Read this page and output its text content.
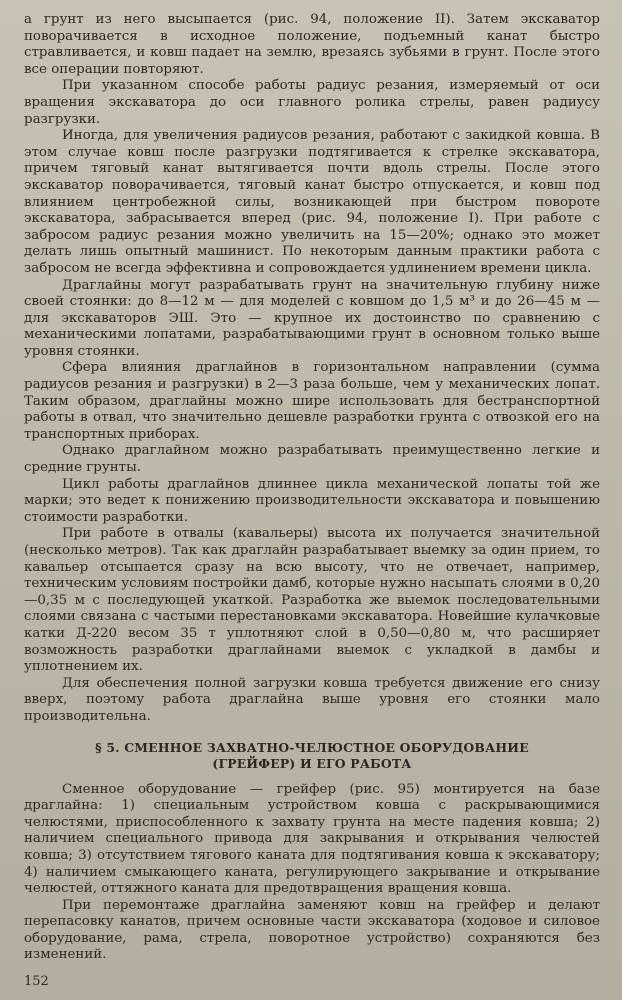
а грунт из него высыпается (рис. 94, положение II). Затем экскаватор поворачивается в исходное положение, подъемный канат быстро стравливается, и ковш падает на землю, врезаясь зубьями в грунт. После этого все операции повторяют.

При указанном способе работы радиус резания, измеряемый от оси вращения экскаватора до оси главного ролика стрелы, равен радиусу разгрузки.

Иногда, для увеличения радиусов резания, работают с закидкой ковша. В этом случае ковш после разгрузки подтягивается к стрелке экскаватора, причем тяговый канат вытягивается почти вдоль стрелы. После этого экскаватор поворачивается, тяговый канат быстро отпускается, и ковш под влиянием центробежной силы, возникающей при быстром повороте экскаватора, забрасывается вперед (рис. 94, положение I). При работе с забросом радиус резания можно увеличить на 15—20%; однако это может делать лишь опытный машинист. По некоторым данным практики работа с забросом не всегда эффективна и сопровождается удлинением времени цикла.

Драглайны могут разрабатывать грунт на значительную глубину ниже своей стоянки: до 8—12 м — для моделей с ковшом до 1,5 м³ и до 26—45 м — для экскаваторов ЭШ. Это — крупное их достоинство по сравнению с механическими лопатами, разрабатывающими грунт в основном только выше уровня стоянки.

Сфера влияния драглайнов в горизонтальном направлении (сумма радиусов резания и разгрузки) в 2—3 раза больше, чем у механических лопат. Таким образом, драглайны можно шире использовать для бестранспортной работы в отвал, что значительно дешевле разработки грунта с отвозкой его на транспортных приборах.

Однако драглайном можно разрабатывать преимущественно легкие и средние грунты.

Цикл работы драглайнов длиннее цикла механической лопаты той же марки; это ведет к понижению производительности экскаватора и повышению стоимости разработки.

При работе в отвалы (кавальеры) высота их получается значительной (несколько метров). Так как драглайн разрабатывает выемку за один прием, то кавальер отсыпается сразу на всю высоту, что не отвечает, например, техническим условиям постройки дамб, которые нужно насыпать слоями в 0,20—0,35 м с последующей укаткой. Разработка же выемок последовательными слоями связана с частыми перестановками экскаватора. Новейшие кулачковые катки Д-220 весом 35 т уплотняют слой в 0,50—0,80 м, что расширяет возможность разработки драглайнами выемок с укладкой в дамбы и уплотнением их.

Для обеспечения полной загрузки ковша требуется движение его снизу вверх, поэтому работа драглайна выше уровня его стоянки мало производительна.

§ 5. СМЕННОЕ ЗАХВАТНО-ЧЕЛЮСТНОЕ ОБОРУДОВАНИЕ
(ГРЕЙФЕР) И ЕГО РАБОТА

Сменное оборудование — грейфер (рис. 95) монтируется на базе драглайна: 1) специальным устройством ковша с раскрывающимися челюстями, приспособленного к захвату грунта на месте падения ковша; 2) наличием специального привода для закрывания и открывания челюстей ковша; 3) отсутствием тягового каната для подтягивания ковша к экскаватору; 4) наличием смыкающего каната, регулирующего закрывание и открывание челюстей, оттяжного каната для предотвращения вращения ковша.

При перемонтаже драглайна заменяют ковш на грейфер и делают перепасовку канатов, причем основные части экскаватора (ходовое и силовое оборудование, рама, стрела, поворотное устройство) сохраняются без изменений.

152
